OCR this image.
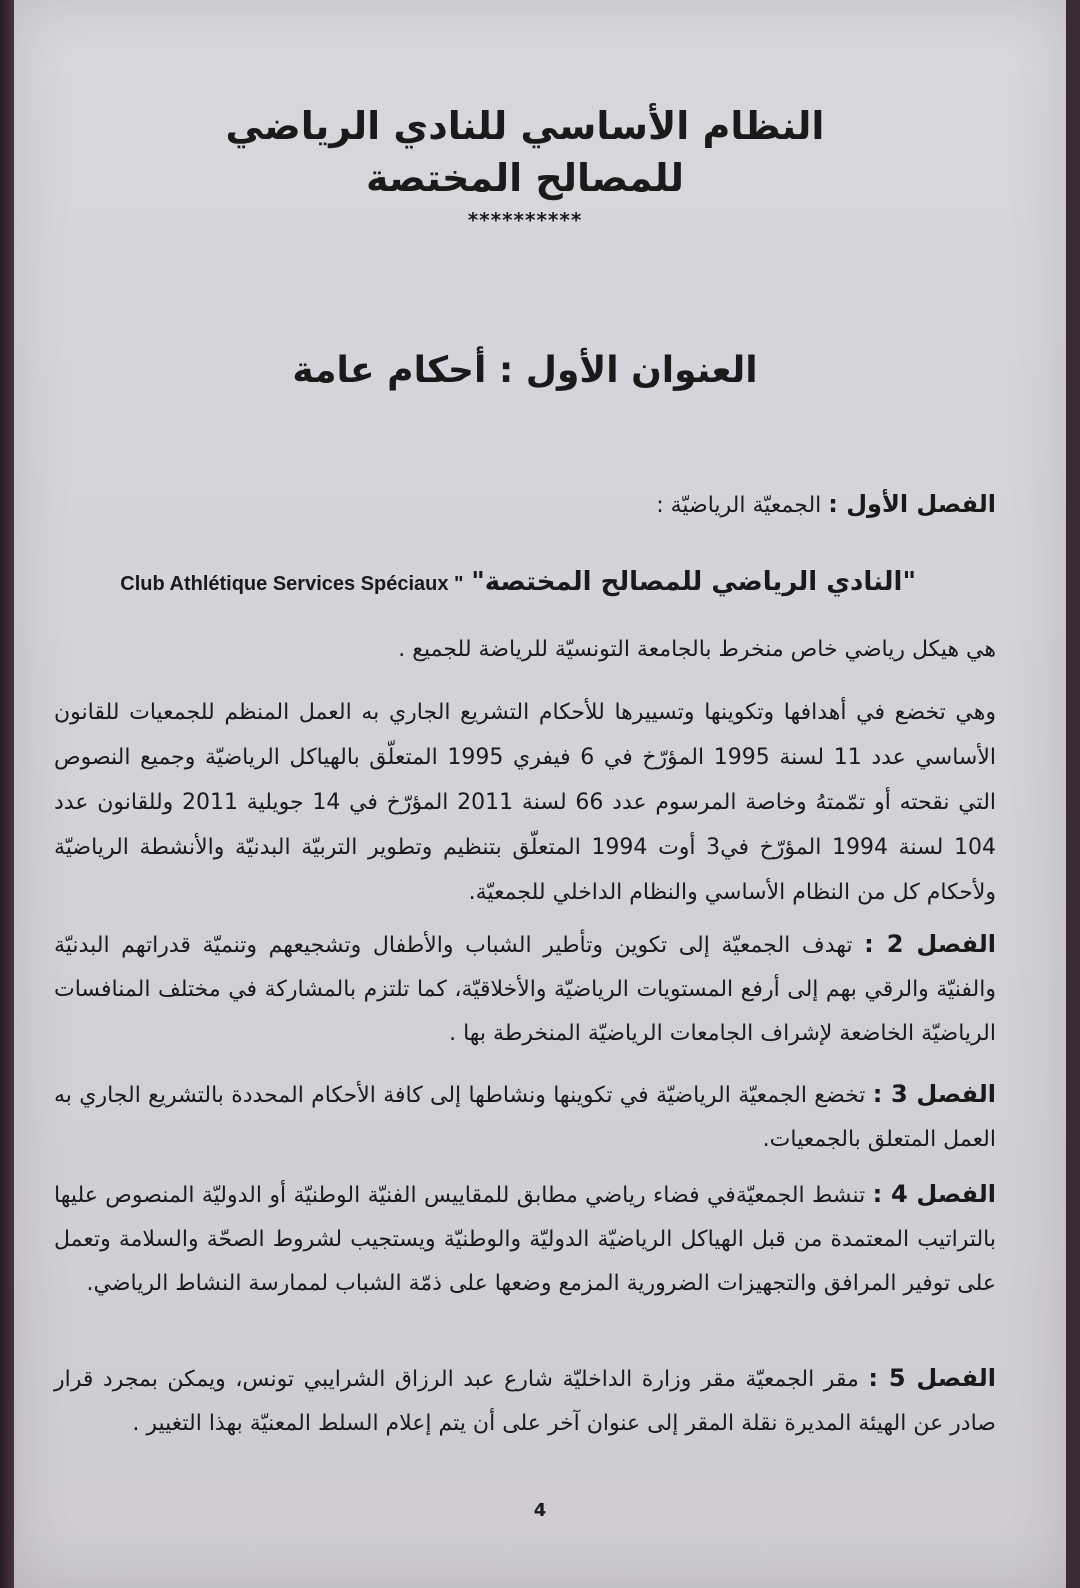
النظام الأساسي للنادي الرياضي
للمصالح المختصة
**********
العنوان الأول : أحكام عامة
الفصل الأول : الجمعيّة الرياضيّة :
"النادي الرياضي للمصالح المختصة" Club Athlétique Services Spéciaux "
هي هيكل رياضي خاص منخرط بالجامعة التونسيّة للرياضة للجميع .
وهي تخضع في أهدافها وتكوينها وتسييرها للأحكام التشريع الجاري به العمل المنظم للجمعيات للقانون الأساسي عدد 11 لسنة 1995 المؤرّخ في 6 فيفري 1995 المتعلّق بالهياكل الرياضيّة وجميع النصوص التي نقحته أو تمّمتهُ وخاصة المرسوم عدد 66 لسنة 2011 المؤرّخ في 14 جويلية 2011 وللقانون عدد 104 لسنة 1994 المؤرّخ في3 أوت 1994 المتعلّق بتنظيم وتطوير التربيّة البدنيّة والأنشطة الرياضيّة ولأحكام كل من النظام الأساسي والنظام الداخلي للجمعيّة.
الفصل 2 : تهدف الجمعيّة إلى تكوين وتأطير الشباب والأطفال وتشجيعهم وتنميّة قدراتهم البدنيّة والفنيّة والرقي بهم إلى أرفع المستويات الرياضيّة والأخلاقيّة، كما تلتزم بالمشاركة في مختلف المنافسات الرياضيّة الخاضعة لإشراف الجامعات الرياضيّة المنخرطة بها .
الفصل 3 : تخضع الجمعيّة الرياضيّة في تكوينها ونشاطها إلى كافة الأحكام المحددة بالتشريع الجاري به العمل المتعلق بالجمعيات.
الفصل 4 : تنشط الجمعيّةفي فضاء رياضي مطابق للمقاييس الفنيّة الوطنيّة أو الدوليّة المنصوص عليها بالتراتيب المعتمدة من قبل الهياكل الرياضيّة الدوليّة والوطنيّة ويستجيب لشروط الصحّة والسلامة وتعمل على توفير المرافق والتجهيزات الضرورية المزمع وضعها على ذمّة الشباب لممارسة النشاط الرياضي.
الفصل 5 : مقر الجمعيّة مقر وزارة الداخليّة شارع عبد الرزاق الشرايبي تونس، ويمكن بمجرد قرار صادر عن الهيئة المديرة نقلة المقر إلى عنوان آخر على أن يتم إعلام السلط المعنيّة بهذا التغيير .
4
